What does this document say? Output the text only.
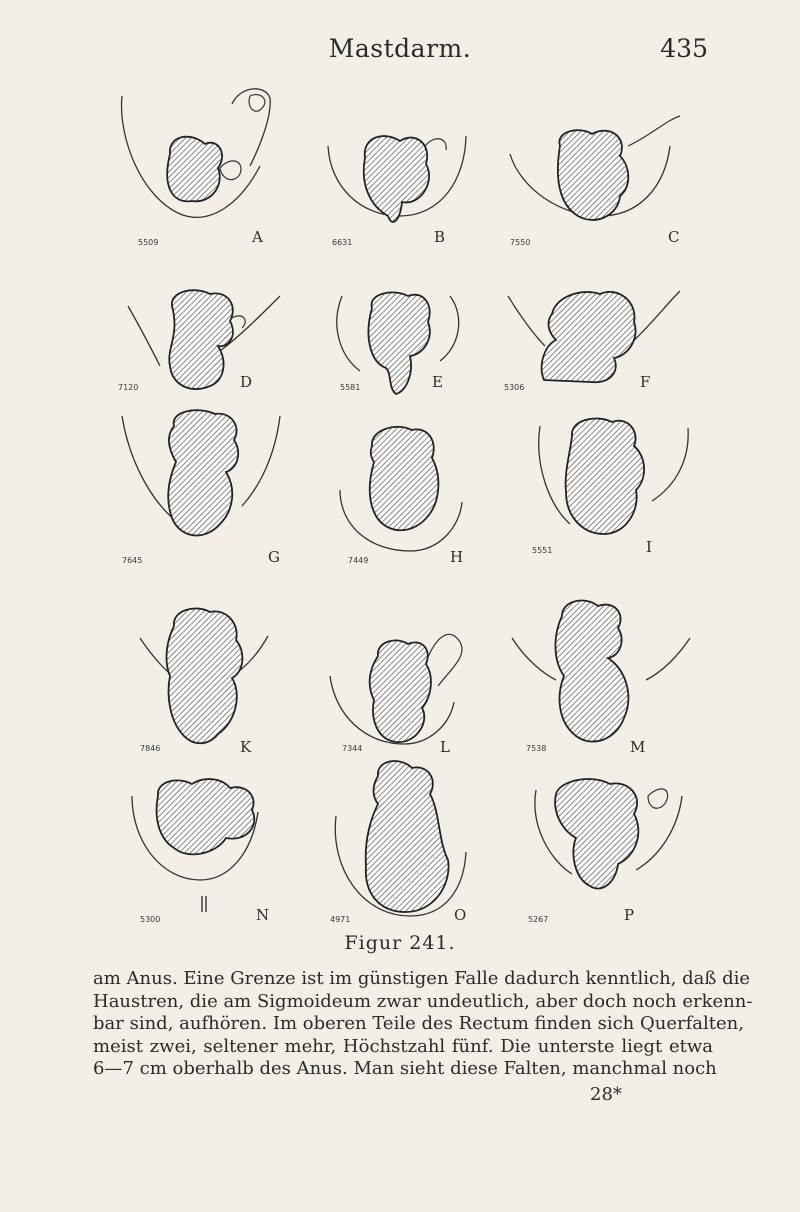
Mastdarm.	435
5509	A	6631	B	7550	C
7120	D	5581	E	5306	F
7645	G	7449	H	5551	I
7846	K	7344	L	7538	M
5300	N	4971	O	5267	P
Figur 241.
am Anus. Eine Grenze ist im günstigen Falle dadurch kenntlich, daß die
Haustren, die am Sigmoideum zwar undeutlich, aber doch noch erkenn-
bar sind, aufhören. Im oberen Teile des Rectum finden sich Querfalten,
meist zwei, seltener mehr, Höchstzahl fünf. Die unterste liegt etwa
6—7 cm oberhalb des Anus. Man sieht diese Falten, manchmal noch
28*
